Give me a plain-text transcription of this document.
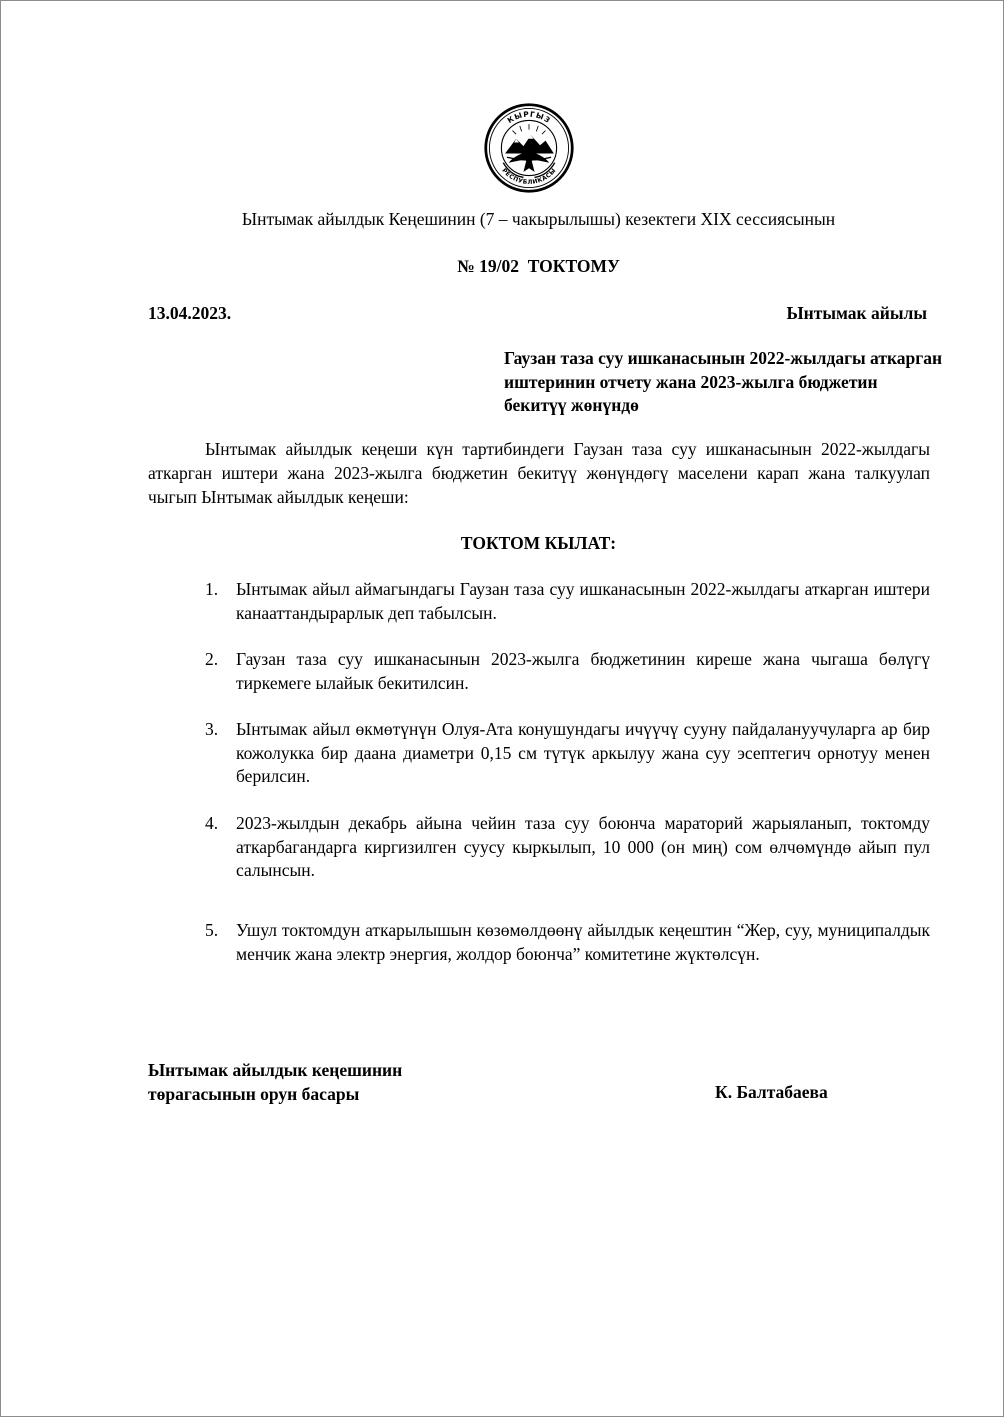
КЫРГЫЗ
РЕСПУБЛИКАСЫ
Ынтымак айылдык Кеңешинин (7 – чакырылышы) кезектеги XIX сессиясынын
№ 19/02  ТОКТОМУ
13.04.2023.	Ынтымак айылы
Гаузан таза суу ишканасынын 2022-жылдагы аткарган иштеринин отчету жана 2023-жылга бюджетин бекитүү жөнүндө

Ынтымак айылдык кеңеши күн тартибиндеги Гаузан таза суу ишканасынын 2022-жылдагы аткарган иштери жана 2023-жылга бюджетин бекитүү жөнүндөгү маселени карап жана талкуулап чыгып Ынтымак айылдык кеңеши:

ТОКТОМ КЫЛАТ:
1.	Ынтымак айыл аймагындагы Гаузан таза суу ишканасынын 2022-жылдагы аткарган иштери канааттандырарлык деп табылсын.
2.	Гаузан таза суу ишканасынын 2023-жылга бюджетинин киреше жана чыгаша бөлүгү тиркемеге ылайык бекитилсин.
3.	Ынтымак айыл өкмөтүнүн Олуя-Ата конушундагы ичүүчү сууну пайдалануучуларга ар бир кожолукка бир даана диаметри 0,15 см түтүк аркылуу жана суу эсептегич орнотуу менен берилсин.
4.	2023-жылдын декабрь айына чейин таза суу боюнча мараторий жарыяланып, токтомду аткарбагандарга киргизилген суусу кыркылып, 10 000 (он миң) сом өлчөмүндө айып пул салынсын.
5.	Ушул токтомдун аткарылышын көзөмөлдөөнү айылдык кеңештин “Жер, суу, муниципалдык менчик жана электр энергия, жолдор боюнча” комитетине жүктөлсүн.
Ынтымак айылдык кеңешинин
төрагасынын орун басары	К. Балтабаева
